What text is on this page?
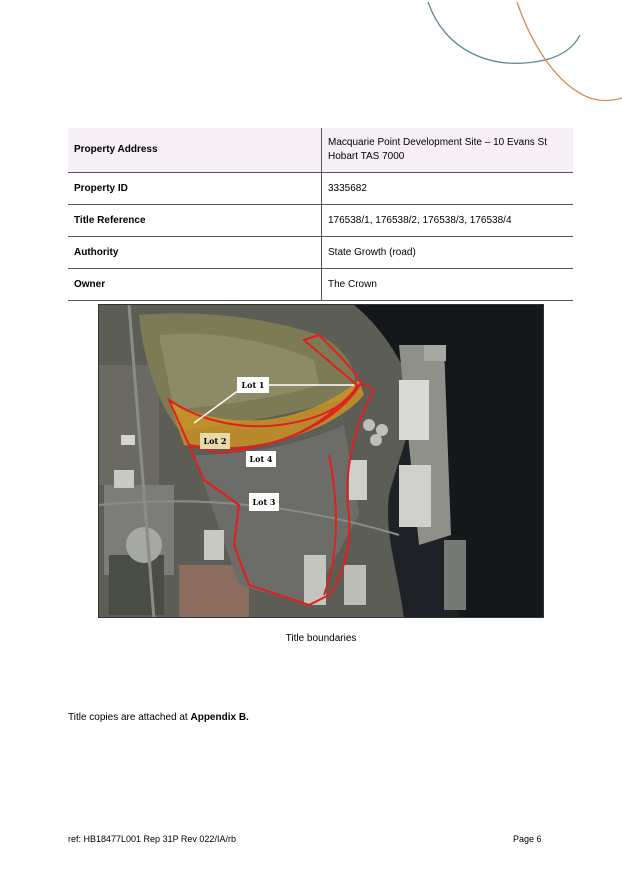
Property Address	Macquarie Point Development Site – 10 Evans St Hobart TAS 7000
Property ID	3335682
Title Reference	176538/1, 176538/2, 176538/3, 176538/4
Authority	State Growth (road)
Owner	The Crown
Lot 1
Lot 2
Lot 4
Lot 3
Title boundaries
Title copies are attached at Appendix B.
ref: HB18477L001 Rep 31P Rev 022/IA/rb	Page 6
